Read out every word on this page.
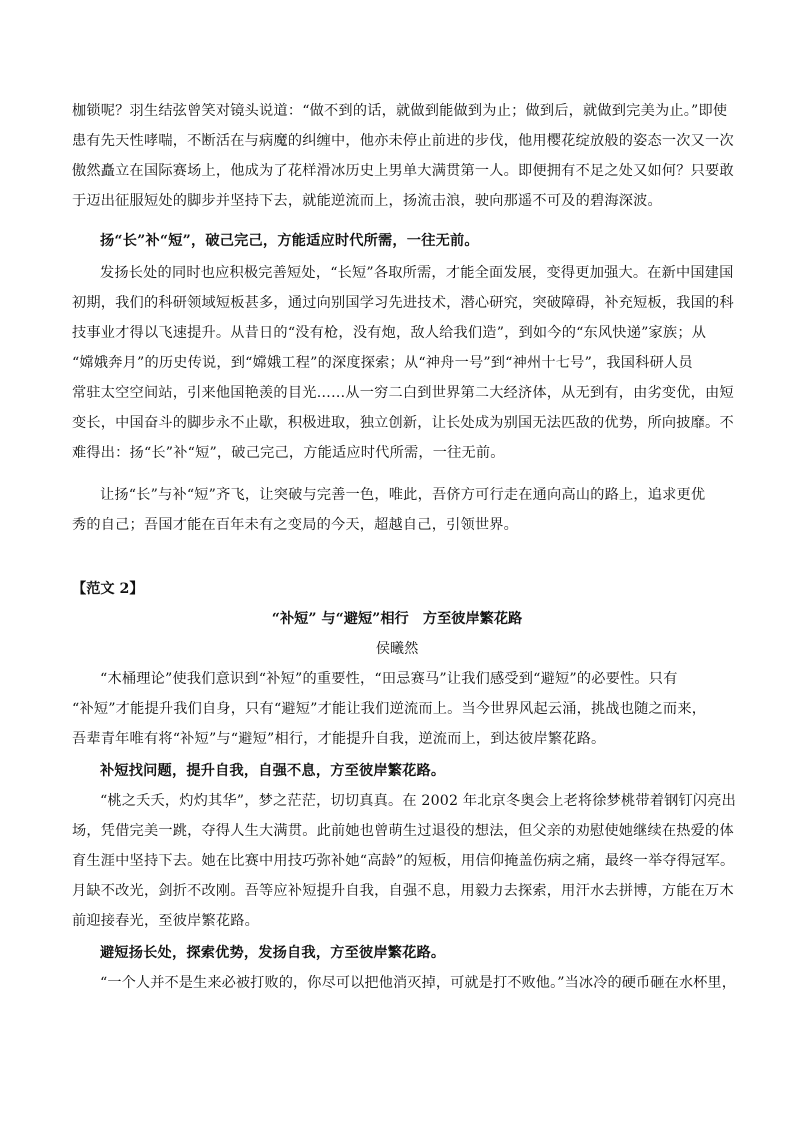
枷锁呢？羽生结弦曾笑对镜头说道：“做不到的话，就做到能做到为止；做到后，就做到完美为止。”即使
患有先天性哮喘，不断活在与病魔的纠缠中，他亦未停止前进的步伐，他用樱花绽放般的姿态一次又一次
傲然矗立在国际赛场上，他成为了花样滑冰历史上男单大满贯第一人。即便拥有不足之处又如何？只要敢
于迈出征服短处的脚步并坚持下去，就能逆流而上，扬流击浪，驶向那遥不可及的碧海深波。
扬“长”补“短”，破己完己，方能适应时代所需，一往无前。
发扬长处的同时也应积极完善短处，“长短”各取所需，才能全面发展，变得更加强大。在新中国建国
初期，我们的科研领域短板甚多，通过向别国学习先进技术，潜心研究，突破障碍，补充短板，我国的科
技事业才得以飞速提升。从昔日的“没有枪，没有炮，敌人给我们造”，到如今的“东风快递”家族；从
“嫦娥奔月”的历史传说，到“嫦娥工程”的深度探索；从“神舟一号”到“神州十七号”，我国科研人员
常驻太空空间站，引来他国艳羡的目光……从一穷二白到世界第二大经济体，从无到有，由劣变优，由短
变长，中国奋斗的脚步永不止歇，积极进取，独立创新，让长处成为别国无法匹敌的优势，所向披靡。不
难得出：扬“长”补“短”，破己完己，方能适应时代所需，一往无前。
让扬“长”与补“短”齐飞，让突破与完善一色，唯此，吾侪方可行走在通向高山的路上，追求更优
秀的自己；吾国才能在百年未有之变局的今天，超越自己，引领世界。
【范文 2】
“补短” 与“避短”相行　方至彼岸繁花路
侯曦然
“木桶理论”使我们意识到“补短”的重要性，“田忌赛马”让我们感受到“避短”的必要性。只有
“补短”才能提升我们自身，只有“避短”才能让我们逆流而上。当今世界风起云涌，挑战也随之而来，
吾辈青年唯有将“补短”与“避短”相行，才能提升自我，逆流而上，到达彼岸繁花路。
补短找问题，提升自我，自强不息，方至彼岸繁花路。
“桃之夭夭，灼灼其华”，梦之茫茫，切切真真。在 2002 年北京冬奥会上老将徐梦桃带着钢钉闪亮出
场，凭借完美一跳，夺得人生大满贯。此前她也曾萌生过退役的想法，但父亲的劝慰使她继续在热爱的体
育生涯中坚持下去。她在比赛中用技巧弥补她“高龄”的短板，用信仰掩盖伤病之痛，最终一举夺得冠军。
月缺不改光，剑折不改刚。吾等应补短提升自我，自强不息，用毅力去探索，用汗水去拼博，方能在万木
前迎接春光，至彼岸繁花路。
避短扬长处，探索优势，发扬自我，方至彼岸繁花路。
“一个人并不是生来必被打败的，你尽可以把他消灭掉，可就是打不败他。”当冰冷的硬币砸在水杯里，
